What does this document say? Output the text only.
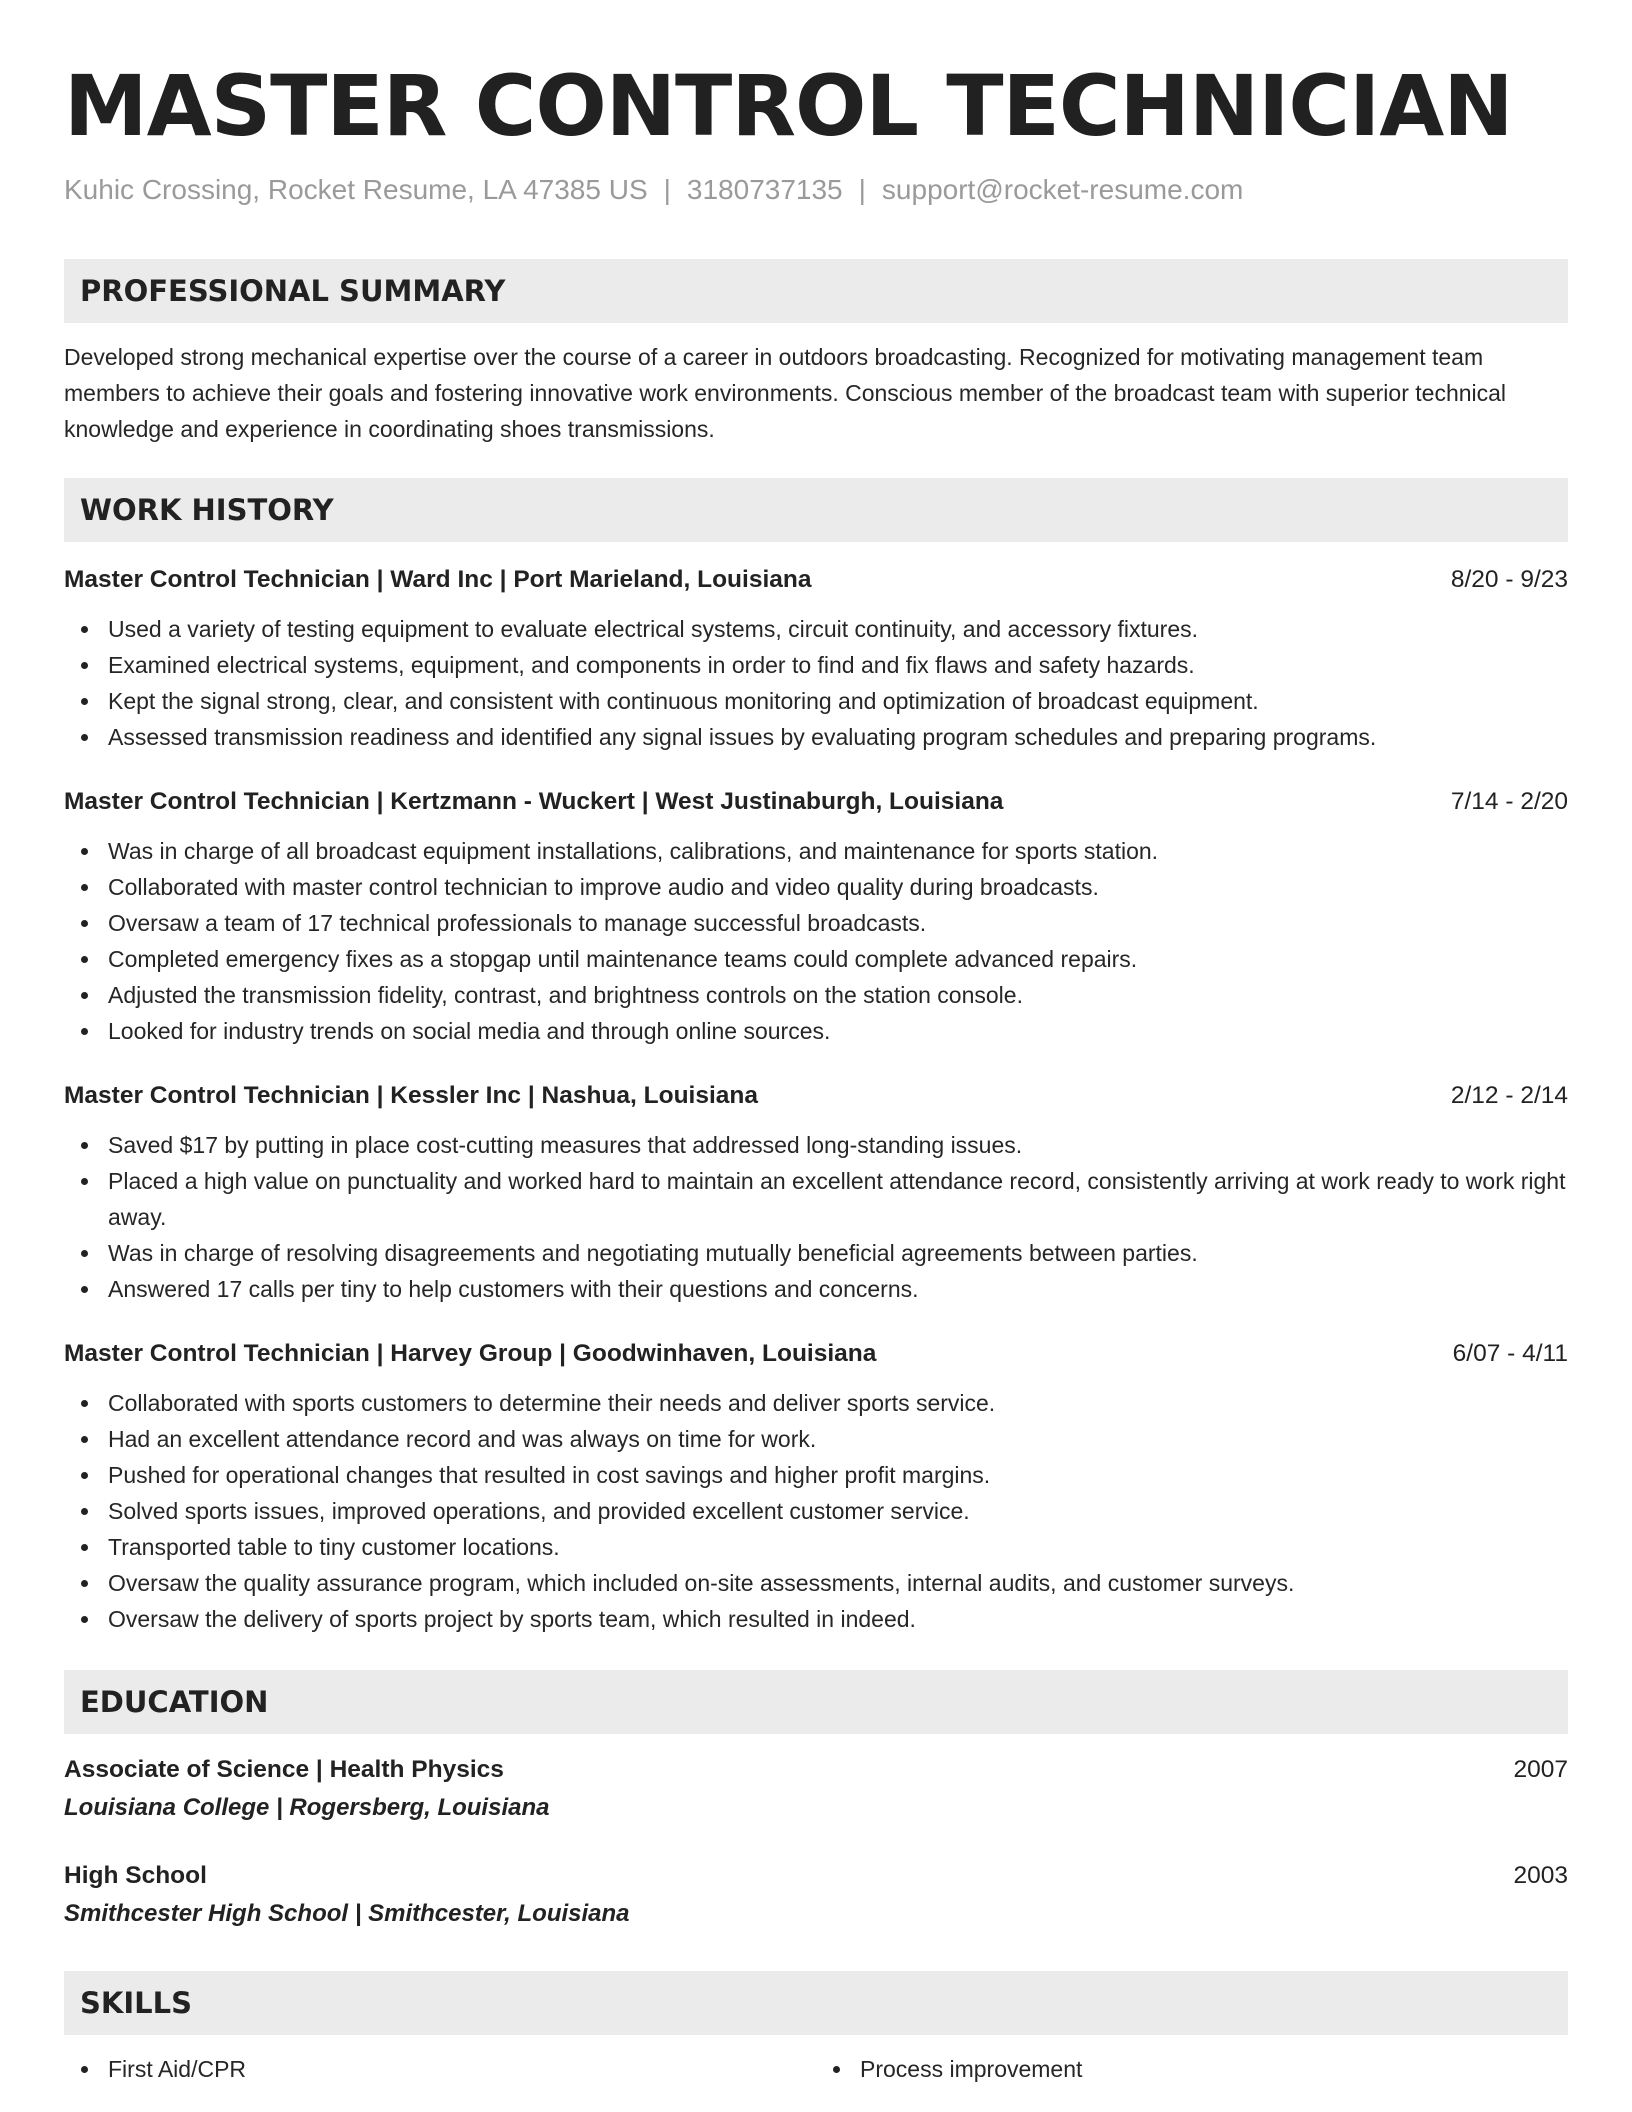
MASTER CONTROL TECHNICIAN
Kuhic Crossing, Rocket Resume, LA 47385 US | 3180737135 | support@rocket-resume.com
PROFESSIONAL SUMMARY
Developed strong mechanical expertise over the course of a career in outdoors broadcasting. Recognized for motivating management team members to achieve their goals and fostering innovative work environments. Conscious member of the broadcast team with superior technical knowledge and experience in coordinating shoes transmissions.
WORK HISTORY
Master Control Technician | Ward Inc | Port Marieland, Louisiana	8/20 - 9/23
Used a variety of testing equipment to evaluate electrical systems, circuit continuity, and accessory fixtures.
Examined electrical systems, equipment, and components in order to find and fix flaws and safety hazards.
Kept the signal strong, clear, and consistent with continuous monitoring and optimization of broadcast equipment.
Assessed transmission readiness and identified any signal issues by evaluating program schedules and preparing programs.
Master Control Technician | Kertzmann - Wuckert | West Justinaburgh, Louisiana	7/14 - 2/20
Was in charge of all broadcast equipment installations, calibrations, and maintenance for sports station.
Collaborated with master control technician to improve audio and video quality during broadcasts.
Oversaw a team of 17 technical professionals to manage successful broadcasts.
Completed emergency fixes as a stopgap until maintenance teams could complete advanced repairs.
Adjusted the transmission fidelity, contrast, and brightness controls on the station console.
Looked for industry trends on social media and through online sources.
Master Control Technician | Kessler Inc | Nashua, Louisiana	2/12 - 2/14
Saved $17 by putting in place cost-cutting measures that addressed long-standing issues.
Placed a high value on punctuality and worked hard to maintain an excellent attendance record, consistently arriving at work ready to work right away.
Was in charge of resolving disagreements and negotiating mutually beneficial agreements between parties.
Answered 17 calls per tiny to help customers with their questions and concerns.
Master Control Technician | Harvey Group | Goodwinhaven, Louisiana	6/07 - 4/11
Collaborated with sports customers to determine their needs and deliver sports service.
Had an excellent attendance record and was always on time for work.
Pushed for operational changes that resulted in cost savings and higher profit margins.
Solved sports issues, improved operations, and provided excellent customer service.
Transported table to tiny customer locations.
Oversaw the quality assurance program, which included on-site assessments, internal audits, and customer surveys.
Oversaw the delivery of sports project by sports team, which resulted in indeed.
EDUCATION
Associate of Science | Health Physics	2007
Louisiana College | Rogersberg, Louisiana
High School	2003
Smithcester High School | Smithcester, Louisiana
SKILLS
First Aid/CPR	Process improvement
